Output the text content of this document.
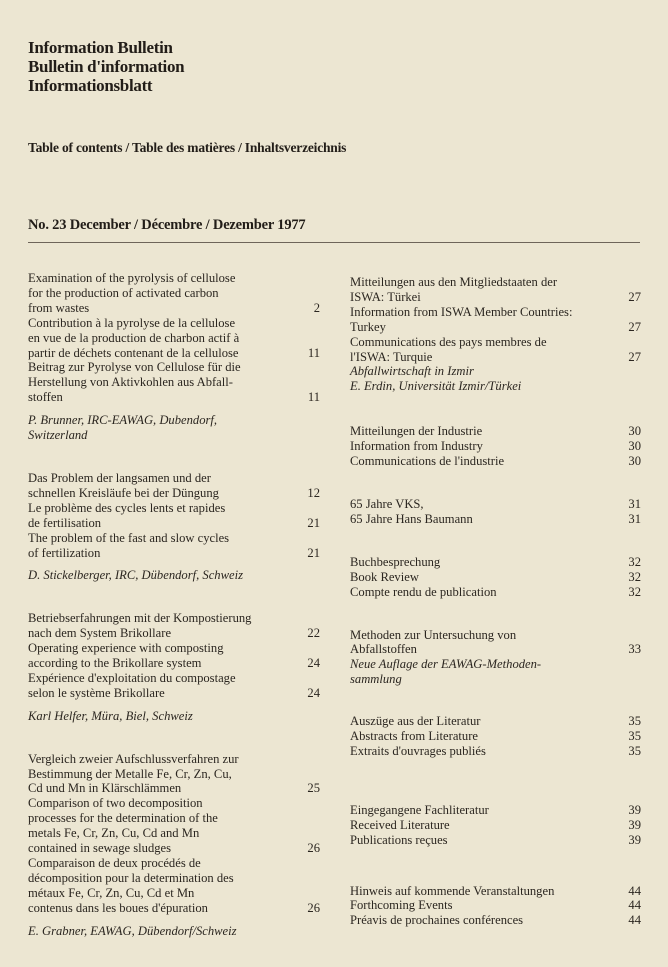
Information Bulletin
Bulletin d'information
Informationsblatt
Table of contents / Table des matières / Inhaltsverzeichnis
No. 23 December / Décembre / Dezember 1977
Examination of the pyrolysis of cellulose
for the production of activated carbon
from wastes	2
Contribution à la pyrolyse de la cellulose
en vue de la production de charbon actif à
partir de déchets contenant de la cellulose	11
Beitrag zur Pyrolyse von Cellulose für die
Herstellung von Aktivkohlen aus Abfall-
stoffen	11
P. Brunner, IRC-EAWAG, Dubendorf,
Switzerland
Das Problem der langsamen und der
schnellen Kreisläufe bei der Düngung	12
Le problème des cycles lents et rapides
de fertilisation	21
The problem of the fast and slow cycles
of fertilization	21
D. Stickelberger, IRC, Dübendorf, Schweiz
Betriebserfahrungen mit der Kompostierung
nach dem System Brikollare	22
Operating experience with composting
according to the Brikollare system	24
Expérience d'exploitation du compostage
selon le système Brikollare	24
Karl Helfer, Müra, Biel, Schweiz
Vergleich zweier Aufschlussverfahren zur
Bestimmung der Metalle Fe, Cr, Zn, Cu,
Cd und Mn in Klärschlämmen	25
Comparison of two decomposition
processes for the determination of the
metals Fe, Cr, Zn, Cu, Cd and Mn
contained in sewage sludges	26
Comparaison de deux procédés de
décomposition pour la determination des
métaux Fe, Cr, Zn, Cu, Cd et Mn
contenus dans les boues d'épuration	26
E. Grabner, EAWAG, Dübendorf/Schweiz
Mitteilungen aus den Mitgliedstaaten der
ISWA: Türkei	27
Information from ISWA Member Countries:
Turkey	27
Communications des pays membres de
l'ISWA: Turquie	27
Abfallwirtschaft in Izmir
E. Erdin, Universität Izmir/Türkei
Mitteilungen der Industrie	30
Information from Industry	30
Communications de l'industrie	30
65 Jahre VKS,	31
65 Jahre Hans Baumann	31
Buchbesprechung	32
Book Review	32
Compte rendu de publication	32
Methoden zur Untersuchung von
Abfallstoffen	33
Neue Auflage der EAWAG-Methoden-
sammlung
Auszüge aus der Literatur	35
Abstracts from Literature	35
Extraits d'ouvrages publiés	35
Eingegangene Fachliteratur	39
Received Literature	39
Publications reçues	39
Hinweis auf kommende Veranstaltungen	44
Forthcoming Events	44
Préavis de prochaines conférences	44
